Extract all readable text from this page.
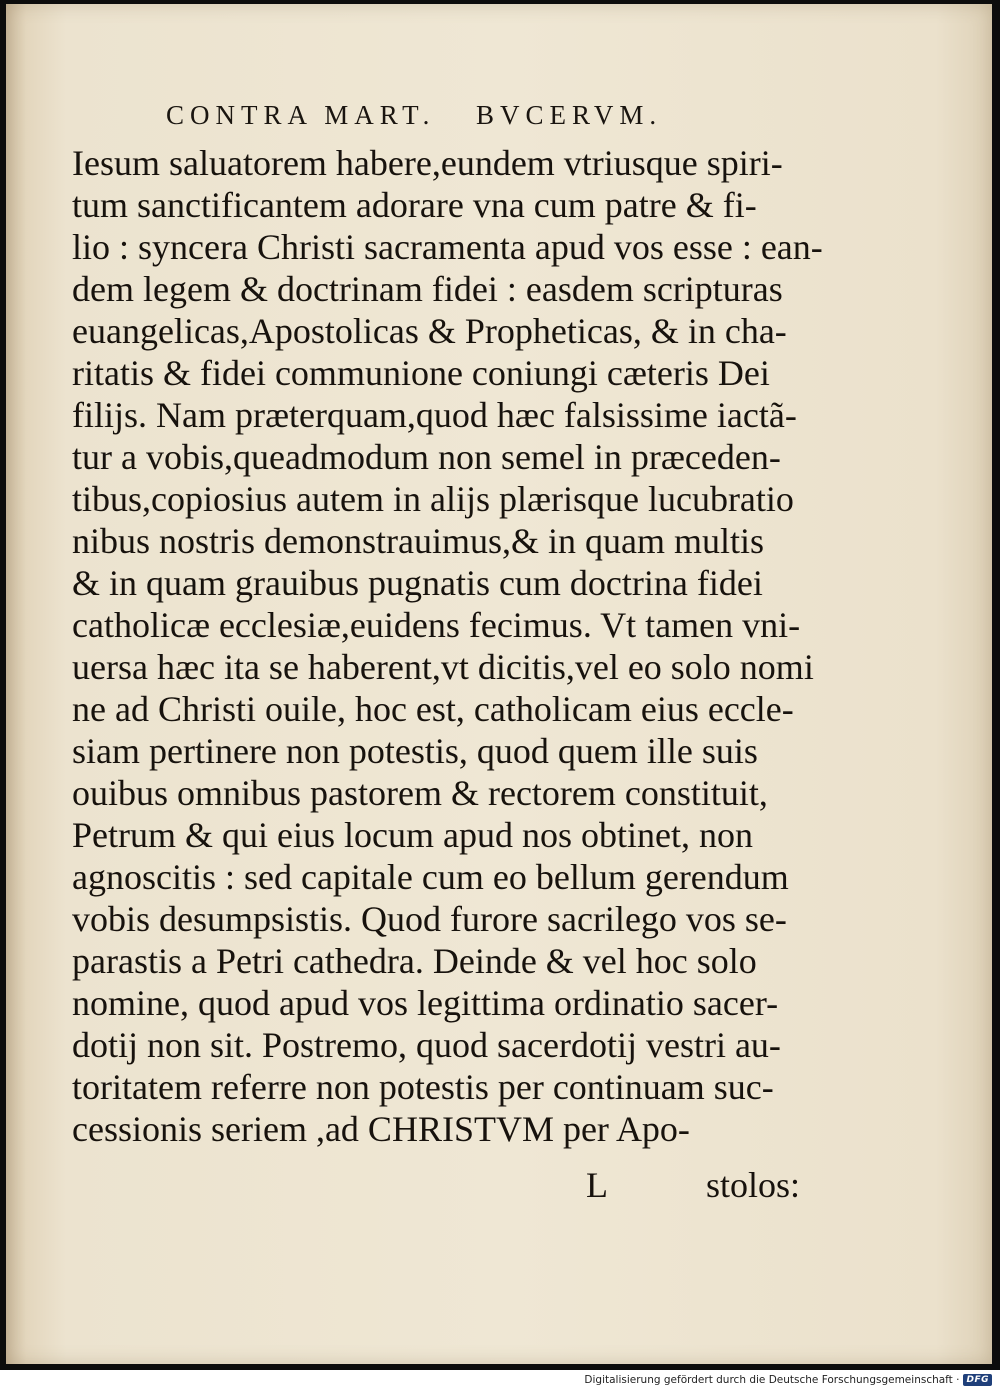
CONTRA MART. BVCERVM.
Iesum saluatorem habere,eundem vtriusque spiri-
tum sanctificantem adorare vna cum patre & fi-
lio : syncera Christi sacramenta apud vos esse : ean-
dem legem & doctrinam fidei : easdem scripturas
euangelicas,Apostolicas & Propheticas, & in cha-
ritatis & fidei communione coniungi cæteris Dei
filijs. Nam præterquam,quod hæc falsissime iactã-
tur a vobis,queadmodum non semel in præceden-
tibus,copiosius autem in alijs plærisque lucubratio
nibus nostris demonstrauimus,& in quam multis
& in quam grauibus pugnatis cum doctrina fidei
catholicæ ecclesiæ,euidens fecimus. Vt tamen vni-
uersa hæc ita se haberent,vt dicitis,vel eo solo nomi
ne ad Christi ouile, hoc est, catholicam eius eccle-
siam pertinere non potestis, quod quem ille suis
ouibus omnibus pastorem & rectorem constituit,
Petrum & qui eius locum apud nos obtinet, non
agnoscitis : sed capitale cum eo bellum gerendum
vobis desumpsistis. Quod furore sacrilego vos se-
parastis a Petri cathedra. Deinde & vel hoc solo
nomine, quod apud vos legittima ordinatio sacer-
dotij non sit. Postremo, quod sacerdotij vestri au-
toritatem referre non potestis per continuam suc-
cessionis seriem ,ad CHRISTVM per Apo-
L	stolos:
Digitalisierung gefördert durch die Deutsche Forschungsgemeinschaft · DFG
